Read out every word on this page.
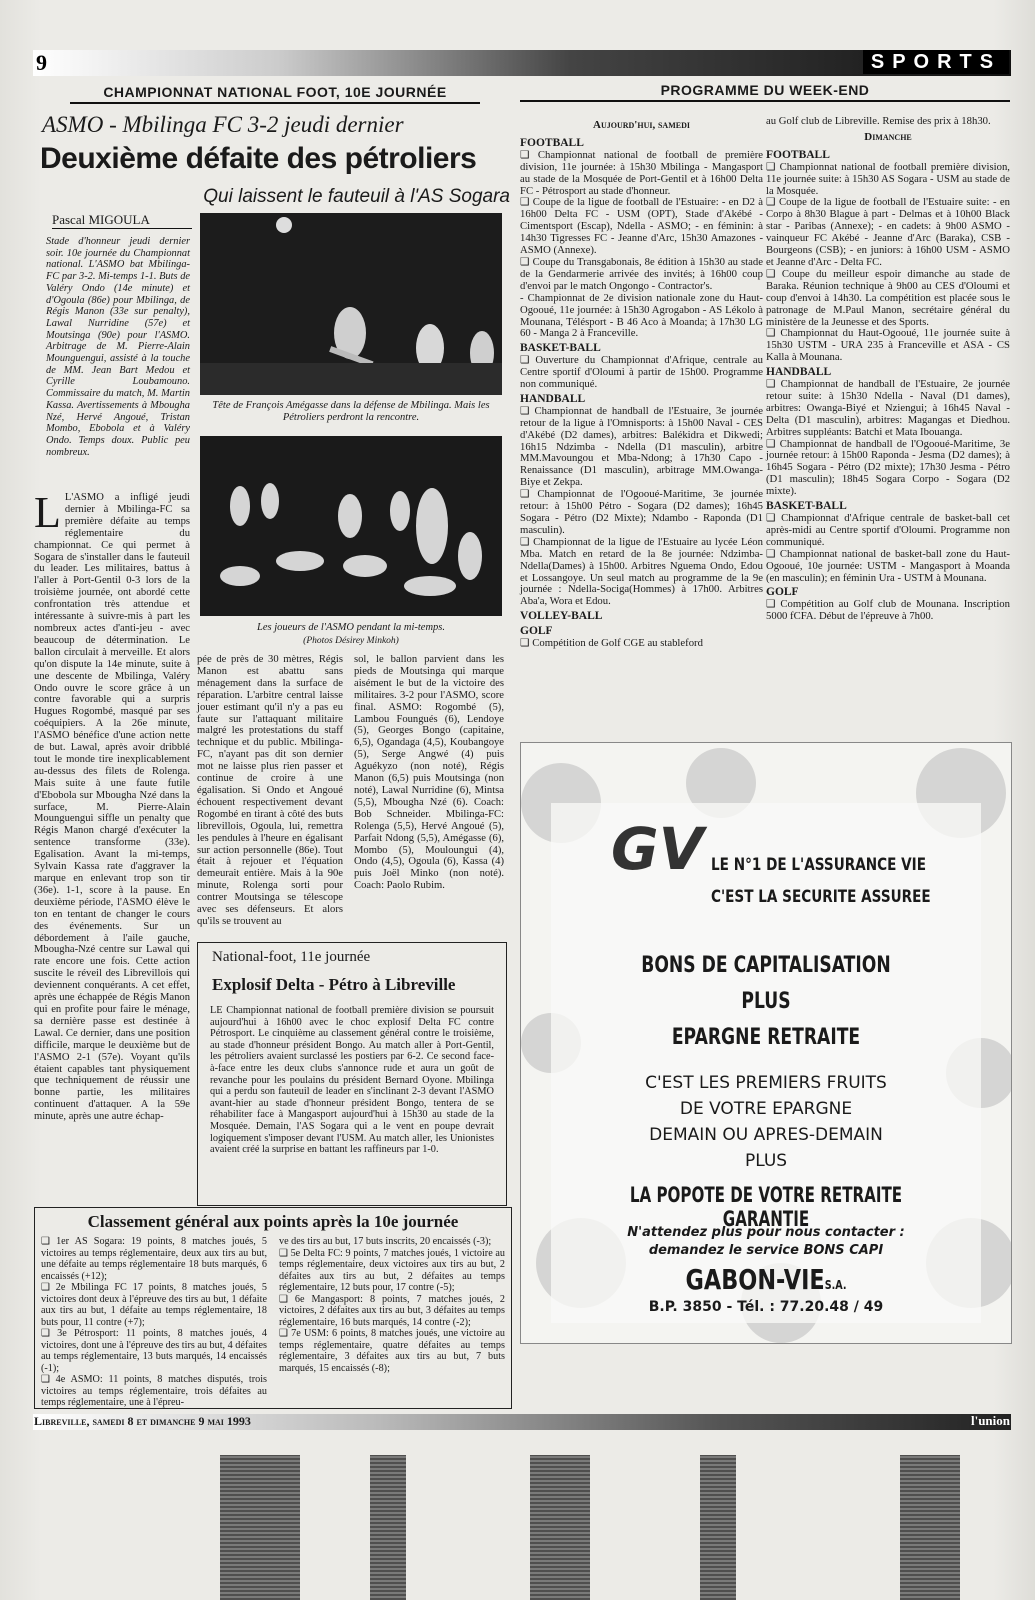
9	SPORTS
CHAMPIONNAT NATIONAL FOOT, 10E JOURNÉE	PROGRAMME DU WEEK-END
ASMO - Mbilinga FC 3-2 jeudi dernier
Deuxième défaite des pétroliers
Qui laissent le fauteuil à l'AS Sogara
Pascal MIGOULA
Stade d'honneur jeudi dernier soir. 10e journée du Championnat national. L'ASMO bat Mbilinga-FC par 3-2. Mi-temps 1-1. Buts de Valéry Ondo (14e minute) et d'Ogoula (86e) pour Mbilinga, de Régis Manon (33e sur penalty), Lawal Nurridine (57e) et Moutsinga (90e) pour l'ASMO. Arbitrage de M. Pierre-Alain Mounguengui, assisté à la touche de MM. Jean Bart Medou et Cyrille Loubamouno. Commissaire du match, M. Martin Kassa. Avertissements à Mbougha Nzé, Hervé Angoué, Tristan Mombo, Ebobola et à Valéry Ondo. Temps doux. Public peu nombreux.
Tête de François Amégasse dans la défense de Mbilinga. Mais les Pétroliers perdront la rencontre.
Les joueurs de l'ASMO pendant la mi-temps.
(Photos Désirey Minkoh)
L L'ASMO a infligé jeudi dernier à Mbilinga-FC sa première défaite au temps réglementaire du championnat. Ce qui permet à Sogara de s'installer dans le fauteuil du leader. Les militaires, battus à l'aller à Port-Gentil 0-3 lors de la troisième journée, ont abordé cette confrontation très attendue et intéressante à suivre-mis à part les nombreux actes d'anti-jeu - avec beaucoup de détermination. Le ballon circulait à merveille. Et alors qu'on dispute la 14e minute, suite à une descente de Mbilinga, Valéry Ondo ouvre le score grâce à un contre favorable qui a surpris Hugues Rogombé, masqué par ses coéquipiers. A la 26e minute, l'ASMO bénéfice d'une action nette de but. Lawal, après avoir dribblé tout le monde tire inexplicablement au-dessus des filets de Rolenga. Mais suite à une faute futile d'Ebobola sur Mbougha Nzé dans la surface, M. Pierre-Alain Mounguengui siffle un penalty que Régis Manon chargé d'exécuter la sentence transforme (33e). Egalisation. Avant la mi-temps, Sylvain Kassa rate d'aggraver la marque en enlevant trop son tir (36e). 1-1, score à la pause. En deuxième période, l'ASMO élève le ton en tentant de changer le cours des événements. Sur un débordement à l'aile gauche, Mbougha-Nzé centre sur Lawal qui rate encore une fois. Cette action suscite le réveil des Librevillois qui deviennent conquérants. A cet effet, après une échappée de Régis Manon qui en profite pour faire le ménage, sa dernière passe est destinée à Lawal. Ce dernier, dans une position difficile, marque le deuxième but de l'ASMO 2-1 (57e). Voyant qu'ils étaient capables tant physiquement que techniquement de réussir une bonne partie, les militaires continuent d'attaquer. A la 59e minute, après une autre échap-
pée de près de 30 mètres, Régis Manon est abattu sans ménagement dans la surface de réparation. L'arbitre central laisse jouer estimant qu'il n'y a pas eu faute sur l'attaquant militaire malgré les protestations du staff technique et du public. Mbilinga-FC, n'ayant pas dit son dernier mot ne laisse plus rien passer et continue de croire à une égalisation. Si Ondo et Angoué échouent respectivement devant Rogombé en tirant à côté des buts librevillois, Ogoula, lui, remettra les pendules à l'heure en égalisant sur action personnelle (86e). Tout était à rejouer et l'équation demeurait entière. Mais à la 90e minute, Rolenga sorti pour contrer Moutsinga se télescope avec ses défenseurs. Et alors qu'ils se trouvent au
sol, le ballon parvient dans les pieds de Moutsinga qui marque aisément le but de la victoire des militaires. 3-2 pour l'ASMO, score final. ASMO: Rogombé (5), Lambou Foungués (6), Lendoye (5), Georges Bongo (capitaine, 6,5), Ogandaga (4,5), Koubangoye (5), Serge Angwé (4) puis Aguékyzo (non noté), Régis Manon (6,5) puis Moutsinga (non noté), Lawal Nurridine (6), Mintsa (5,5), Mbougha Nzé (6). Coach: Bob Schneider. Mbilinga-FC: Rolenga (5,5), Hervé Angoué (5), Parfait Ndong (5,5), Amégasse (6), Mombo (5), Mouloungui (4), Ondo (4,5), Ogoula (6), Kassa (4) puis Joël Minko (non noté). Coach: Paolo Rubim.
National-foot, 11e journée
Explosif Delta - Pétro à Libreville
LE Championnat national de football première division se poursuit aujourd'hui à 16h00 avec le choc explosif Delta FC contre Pétrosport. Le cinquième au classement général contre le troisième, au stade d'honneur président Bongo. Au match aller à Port-Gentil, les pétroliers avaient surclassé les postiers par 6-2. Ce second face-à-face entre les deux clubs s'annonce rude et aura un goût de revanche pour les poulains du président Bernard Oyone. Mbilinga qui a perdu son fauteuil de leader en s'inclinant 2-3 devant l'ASMO avant-hier au stade d'honneur président Bongo, tentera de se réhabiliter face à Mangasport aujourd'hui à 15h30 au stade de la Mosquée. Demain, l'AS Sogara qui a le vent en poupe devrait logiquement s'imposer devant l'USM. Au match aller, les Unionistes avaient créé la surprise en battant les raffineurs par 1-0.
Classement général aux points après la 10e journée
❑ 1er AS Sogara: 19 points, 8 matches joués, 5 victoires au temps réglementaire, deux aux tirs au but, une défaite au temps réglementaire 18 buts marqués, 6 encaissés (+12);
❑ 2e Mbilinga FC 17 points, 8 matches joués, 5 victoires dont deux à l'épreuve des tirs au but, 1 défaite aux tirs au but, 1 défaite au temps réglementaire, 18 buts pour, 11 contre (+7);
❑ 3e Pétrosport: 11 points, 8 matches joués, 4 victoires, dont une à l'épreuve des tirs au but, 4 défaites au temps réglementaire, 13 buts marqués, 14 encaissés (-1);
❑ 4e ASMO: 11 points, 8 matches disputés, trois victoires au temps réglementaire, trois défaites au temps réglementaire, une à l'épreu-
ve des tirs au but, 17 buts inscrits, 20 encaissés (-3);
❑ 5e Delta FC: 9 points, 7 matches joués, 1 victoire au temps réglementaire, deux victoires aux tirs au but, 2 défaites aux tirs au but, 2 défaites au temps réglementaire, 12 buts pour, 17 contre (-5);
❑ 6e Mangasport: 8 points, 7 matches joués, 2 victoires, 2 défaites aux tirs au but, 3 défaites au temps réglementaire, 16 buts marqués, 14 contre (-2);
❑ 7e USM: 6 points, 8 matches joués, une victoire au temps réglementaire, quatre défaites au temps réglementaire, 3 défaites aux tirs au but, 7 buts marqués, 15 encaissés (-8);
Aujourd'hui, samedi
FOOTBALL
❑ Championnat national de football de première division, 11e journée: à 15h30 Mbilinga - Mangasport au stade de la Mosquée de Port-Gentil et à 16h00 Delta FC - Pétrosport au stade d'honneur.
❑ Coupe de la ligue de football de l'Estuaire: - en D2 à 16h00 Delta FC - USM (OPT), Stade d'Akébé - Cimentsport (Escap), Ndella - ASMO; - en féminin: à 14h30 Tigresses FC - Jeanne d'Arc, 15h30 Amazones - ASMO (Annexe).
❑ Coupe du Transgabonais, 8e édition à 15h30 au stade de la Gendarmerie arrivée des invités; à 16h00 coup d'envoi par le match Ongongo - Contractor's.
- Championnat de 2e division nationale zone du Haut-Ogooué, 11e journée: à 15h30 Agrogabon - AS Lékolo à Mounana, Télésport - B 46 Aco à Moanda; à 17h30 LG 60 - Manga 2 à Franceville.
BASKET-BALL
❑ Ouverture du Championnat d'Afrique, centrale au Centre sportif d'Oloumi à partir de 15h00. Programme non communiqué.
HANDBALL
❑ Championnat de handball de l'Estuaire, 3e journée retour de la ligue à l'Omnisports: à 15h00 Naval - CES d'Akébé (D2 dames), arbitres: Balékidra et Dikwedi; 16h15 Ndzimba - Ndella (D1 masculin), arbitre MM.Mavoungou et Mba-Ndong; à 17h30 Capo - Renaissance (D1 masculin), arbitrage MM.Owanga-Biye et Zekpa.
❑ Championnat de l'Ogooué-Maritime, 3e journée retour: à 15h00 Pétro - Sogara (D2 dames); 16h45 Sogara - Pétro (D2 Mixte); Ndambo - Raponda (D1 masculin).
❑ Championnat de la ligue de l'Estuaire au lycée Léon Mba. Match en retard de la 8e journée: Ndzimba-Ndella(Dames) à 15h00. Arbitres Nguema Ondo, Edou et Lossangoye. Un seul match au programme de la 9e journée : Ndella-Sociga(Hommes) à 17h00. Arbitres Aba'a, Wora et Edou.
VOLLEY-BALL
GOLF
❑ Compétition de Golf CGE au stableford
au Golf club de Libreville. Remise des prix à 18h30.
Dimanche
FOOTBALL
❑ Championnat national de football première division, 11e journée suite: à 15h30 AS Sogara - USM au stade de la Mosquée.
❑ Coupe de la ligue de football de l'Estuaire suite: - en Corpo à 8h30 Blague à part - Delmas et à 10h00 Black star - Paribas (Annexe); - en cadets: à 9h00 ASMO - vainqueur FC Akébé - Jeanne d'Arc (Baraka), CSB - Bourgeons (CSB); - en juniors: à 16h00 USM - ASMO et Jeanne d'Arc - Delta FC.
❑ Coupe du meilleur espoir dimanche au stade de Baraka. Réunion technique à 9h00 au CES d'Oloumi et coup d'envoi à 14h30. La compétition est placée sous le patronage de M.Paul Manon, secrétaire général du ministère de la Jeunesse et des Sports.
❑ Championnat du Haut-Ogooué, 11e journée suite à 15h30 USTM - URA 235 à Franceville et ASA - CS Kalla à Mounana.
HANDBALL
❑ Championnat de handball de l'Estuaire, 2e journée retour suite: à 15h30 Ndella - Naval (D1 dames), arbitres: Owanga-Biyé et Nziengui; à 16h45 Naval - Delta (D1 masculin), arbitres: Magangas et Diedhou. Arbitres suppléants: Batchi et Mata Ibouanga.
❑ Championnat de handball de l'Ogooué-Maritime, 3e journée retour: à 15h00 Raponda - Jesma (D2 dames); à 16h45 Sogara - Pétro (D2 mixte); 17h30 Jesma - Pétro (D1 masculin); 18h45 Sogara Corpo - Sogara (D2 mixte).
BASKET-BALL
❑ Championnat d'Afrique centrale de basket-ball cet après-midi au Centre sportif d'Oloumi. Programme non communiqué.
❑ Championnat national de basket-ball zone du Haut-Ogooué, 10e journée: USTM - Mangasport à Moanda (en masculin); en féminin Ura - USTM à Mounana.
GOLF
❑ Compétition au Golf club de Mounana. Inscription 5000 fCFA. Début de l'épreuve à 7h00.
GV LE N°1 DE L'ASSURANCE VIE
C'EST LA SECURITE ASSUREE
BONS DE CAPITALISATION
PLUS
EPARGNE RETRAITE
C'EST LES PREMIERS FRUITS
DE VOTRE EPARGNE
DEMAIN OU APRES-DEMAIN
PLUS
LA POPOTE DE VOTRE RETRAITE GARANTIE
N'attendez plus pour nous contacter :
demandez le service BONS CAPI
GABON-VIES.A.
B.P. 3850 - Tél. : 77.20.48 / 49
Libreville, samedi 8 et dimanche 9 mai 1993	l'union
